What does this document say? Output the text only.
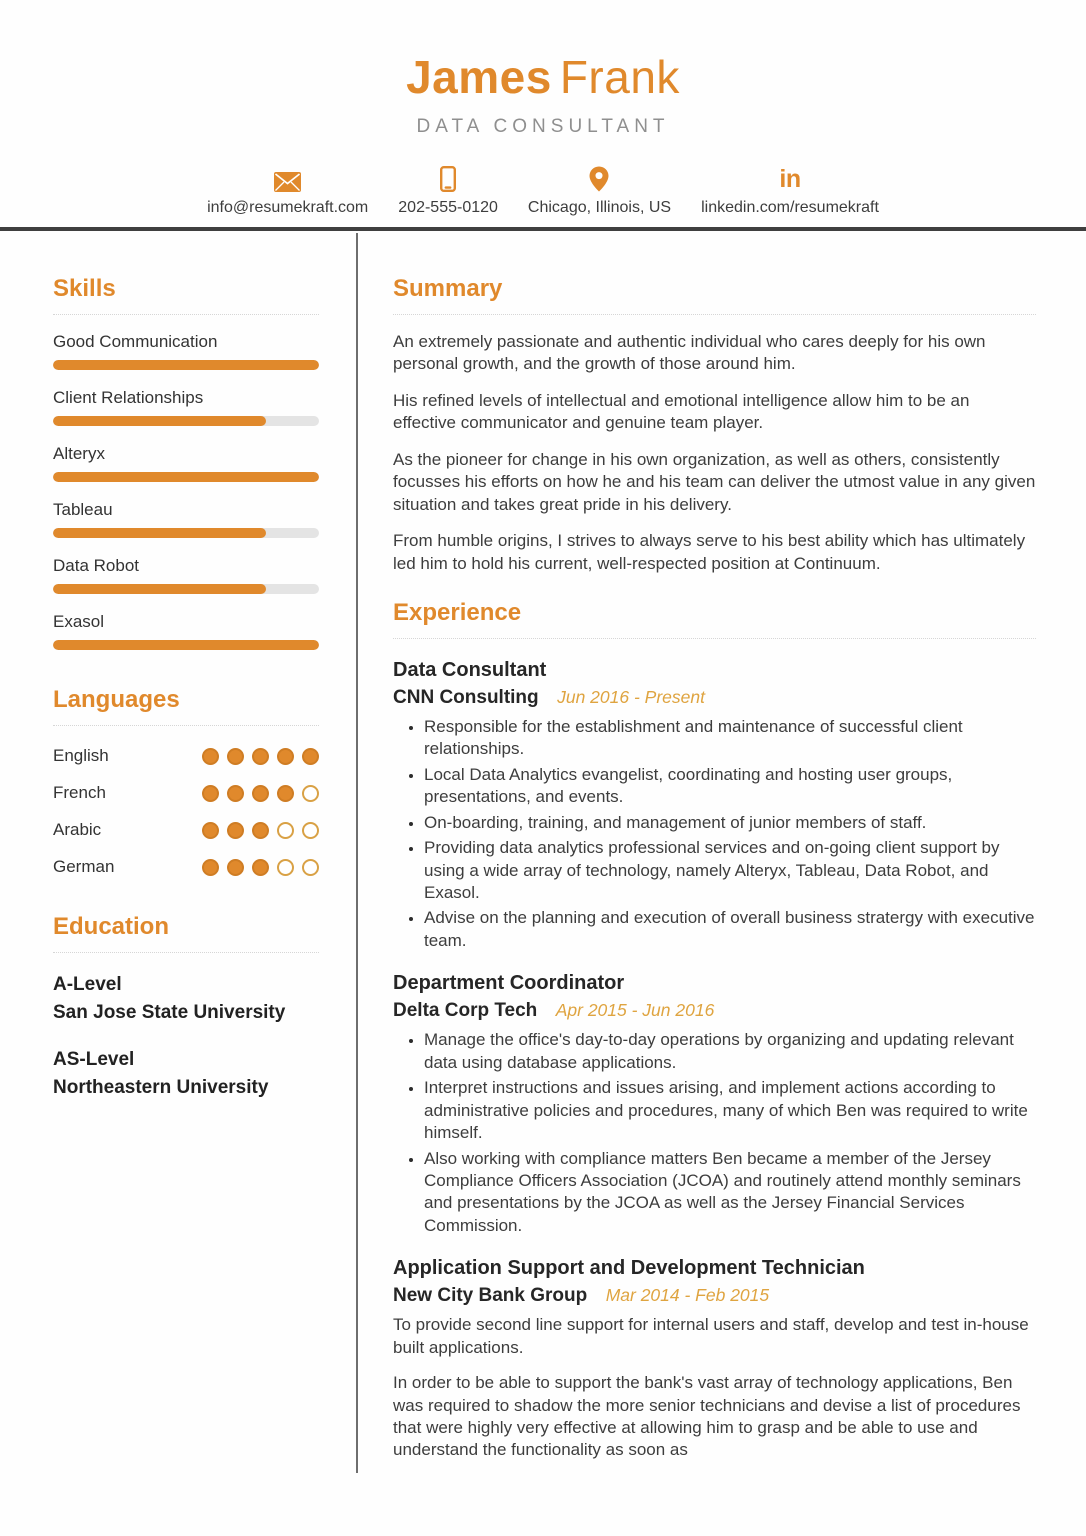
James Frank
DATA CONSULTANT
info@resumekraft.com 202-555-0120 Chicago, Illinois, US
in
linkedin.com/resumekraft
Skills
Good Communication
Client Relationships
Alteryx
Tableau
Data Robot
Exasol
Languages
English
French
Arabic
German
Education
A-Level
San Jose State University
AS-Level
Northeastern University
Summary

An extremely passionate and authentic individual who cares deeply for his own personal growth, and the growth of those around him.

His refined levels of intellectual and emotional intelligence allow him to be an effective communicator and genuine team player.

As the pioneer for change in his own organization, as well as others, consistently focusses his efforts on how he and his team can deliver the utmost value in any given situation and takes great pride in his delivery.

From humble origins, I strives to always serve to his best ability which has ultimately led him to hold his current, well-respected position at Continuum.

Experience
Data Consultant
CNN Consulting Jun 2016 - Present
• Responsible for the establishment and maintenance of successful client relationships.
• Local Data Analytics evangelist, coordinating and hosting user groups, presentations, and events.
• On-boarding, training, and management of junior members of staff.
• Providing data analytics professional services and on-going client support by using a wide array of technology, namely Alteryx, Tableau, Data Robot, and Exasol.
• Advise on the planning and execution of overall business stratergy with executive team.
Department Coordinator
Delta Corp Tech Apr 2015 - Jun 2016
• Manage the office's day-to-day operations by organizing and updating relevant data using database applications.
• Interpret instructions and issues arising, and implement actions according to administrative policies and procedures, many of which Ben was required to write himself.
• Also working with compliance matters Ben became a member of the Jersey Compliance Officers Association (JCOA) and routinely attend monthly seminars and presentations by the JCOA as well as the Jersey Financial Services Commission.
Application Support and Development Technician
New City Bank Group Mar 2014 - Feb 2015

To provide second line support for internal users and staff, develop and test in-house built applications.

In order to be able to support the bank's vast array of technology applications, Ben was required to shadow the more senior technicians and devise a list of procedures that were highly very effective at allowing him to grasp and be able to use and understand the functionality as soon as
